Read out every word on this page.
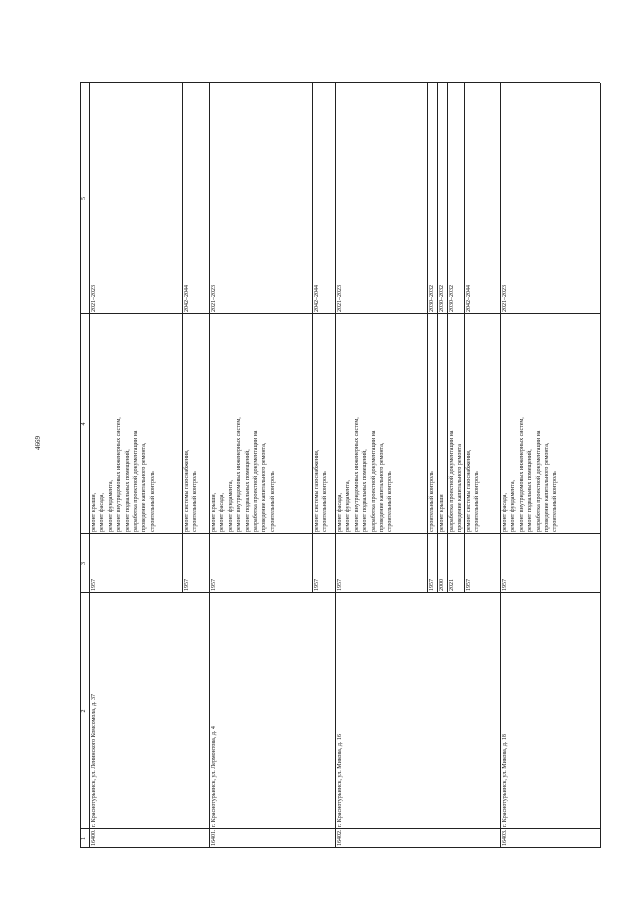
4669
1
2
3
4
5
16400.
г. Краснотурьинск, ул. Ленинского Комсомола, д. 37
1957
ремонт крыши,
ремонт фасада,
ремонт фундамента,
ремонт внутридомовых инженерных систем,
ремонт подвальных помещений,
разработка проектной документации на
проведение капитального ремонта,
строительный контроль
2021–2023
1957
ремонт системы газоснабжения,
строительный контроль
2042–2044
16401.
г. Краснотурьинск, ул. Лермонтова, д. 4
1957
ремонт крыши,
ремонт фасада,
ремонт фундамента,
ремонт внутридомовых инженерных систем,
ремонт подвальных помещений,
разработка проектной документации на
проведение капитального ремонта,
строительный контроль
2021–2023
1957
ремонт системы газоснабжения,
строительный контроль
2042–2044
16402.
г. Краснотурьинск, ул. Микова, д. 16
1957
ремонт фасада,
ремонт фундамента,
ремонт внутридомовых инженерных систем,
ремонт подвальных помещений,
разработка проектной документации на
проведение капитального ремонта,
строительный контроль
2021–2023
1957
строительный контроль
2030–2032
2000
ремонт крыши
2030–2032
2021
разработка проектной документации на
проведение капитального ремонта
2030–2032
1957
ремонт системы газоснабжения,
строительный контроль
2042–2044
16403.
г. Краснотурьинск, ул. Микова, д. 18
1957
ремонт фасада,
ремонт фундамента,
ремонт внутридомовых инженерных систем,
ремонт подвальных помещений,
разработка проектной документации на
проведение капитального ремонта,
строительный контроль
2021–2023
